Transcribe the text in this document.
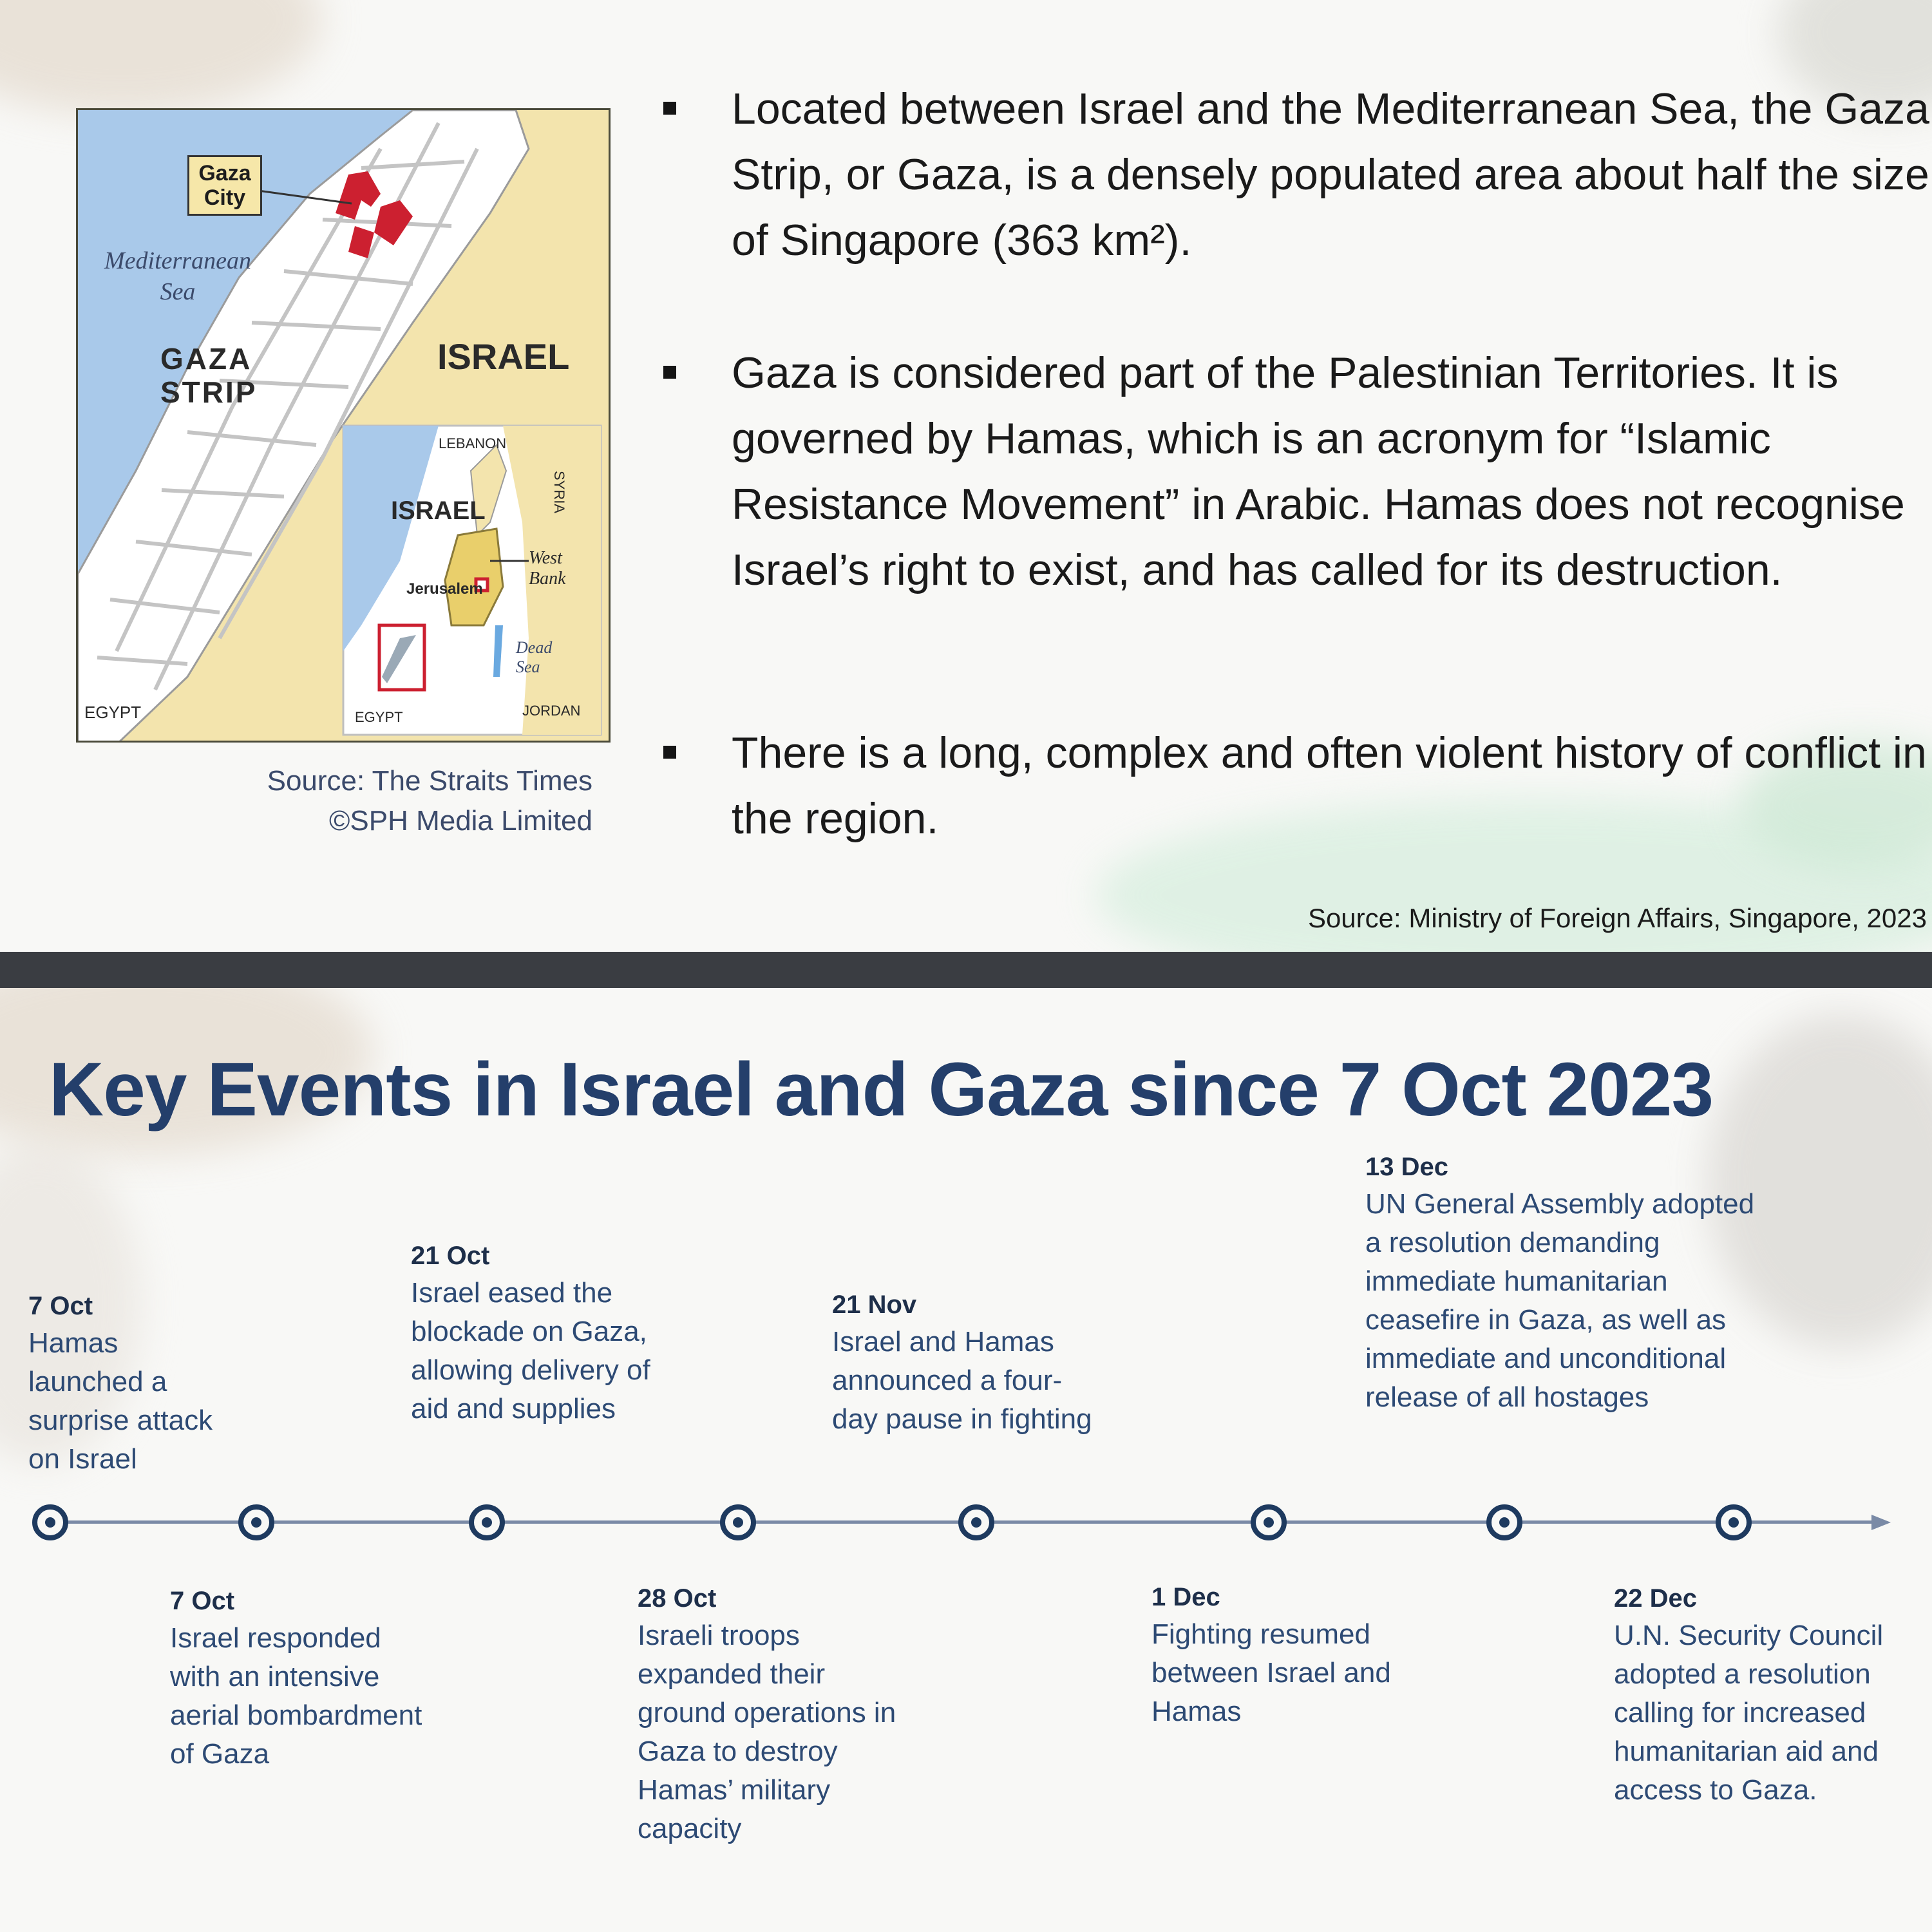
Gaza City
Mediterranean Sea
GAZA STRIP
ISRAEL
EGYPT
LEBANON
SYRIA
ISRAEL
West Bank
Jerusalem
Dead Sea
EGYPT	JORDAN
Source: The Straits Times
©SPH Media Limited

Located between Israel and the Mediterranean Sea, the Gaza Strip, or Gaza, is a densely populated area about half the size of Singapore (363 km²).

Gaza is considered part of the Palestinian Territories. It is governed by Hamas, which is an acronym for “Islamic Resistance Movement” in Arabic. Hamas does not recognise Israel’s right to exist, and has called for its destruction.

There is a long, complex and often violent history of conflict in the region.

Source: Ministry of Foreign Affairs, Singapore, 2023
Key Events in Israel and Gaza since 7 Oct 2023
7 Oct

Hamas launched a surprise attack on Israel

21 Oct

Israel eased the blockade on Gaza, allowing delivery of aid and supplies

21 Nov

Israel and Hamas announced a four-day pause in fighting

13 Dec

UN General Assembly adopted a resolution demanding immediate humanitarian ceasefire in Gaza, as well as immediate and unconditional release of all hostages

7 Oct

Israel responded with an intensive aerial bombardment of Gaza

28 Oct

Israeli troops expanded their ground operations in Gaza to destroy Hamas’ military capacity

1 Dec

Fighting resumed between Israel and Hamas

22 Dec

U.N. Security Council adopted a resolution calling for increased humanitarian aid and access to Gaza.
